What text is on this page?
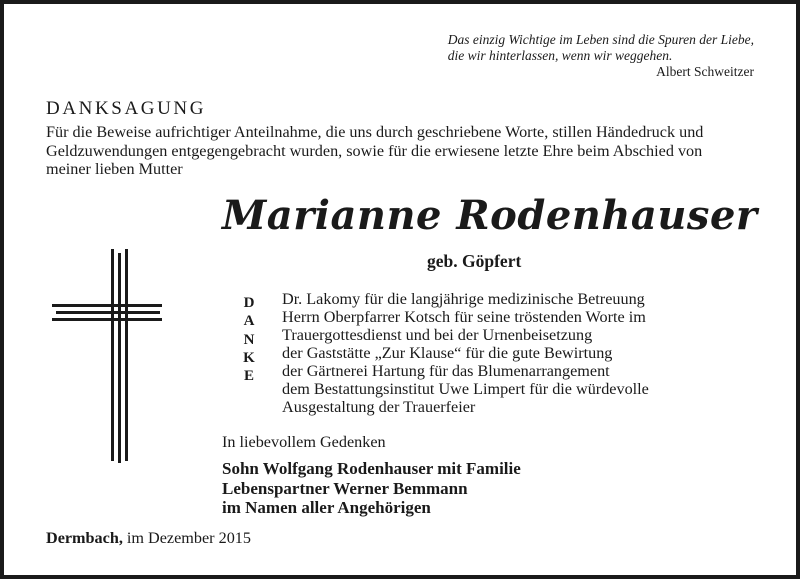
Das einzig Wichtige im Leben sind die Spuren der Liebe,
die wir hinterlassen, wenn wir weggehen.
Albert Schweitzer
DANKSAGUNG
Für die Beweise aufrichtiger Anteilnahme, die uns durch geschriebene Worte, stillen Händedruck und
Geldzuwendungen entgegengebracht wurden, sowie für die erwiesene letzte Ehre beim Abschied von
meiner lieben Mutter
Marianne Rodenhauser
geb. Göpfert
D
A
N
K
E
Dr. Lakomy für die langjährige medizinische Betreuung
Herrn Oberpfarrer Kotsch für seine tröstenden Worte im
Trauergottesdienst und bei der Urnenbeisetzung
der Gaststätte „Zur Klause“ für die gute Bewirtung
der Gärtnerei Hartung für das Blumenarrangement
dem Bestattungsinstitut Uwe Limpert für die würdevolle
Ausgestaltung der Trauerfeier
In liebevollem Gedenken
Sohn Wolfgang Rodenhauser mit Familie
Lebenspartner Werner Bemmann
im Namen aller Angehörigen
Dermbach, im Dezember 2015
